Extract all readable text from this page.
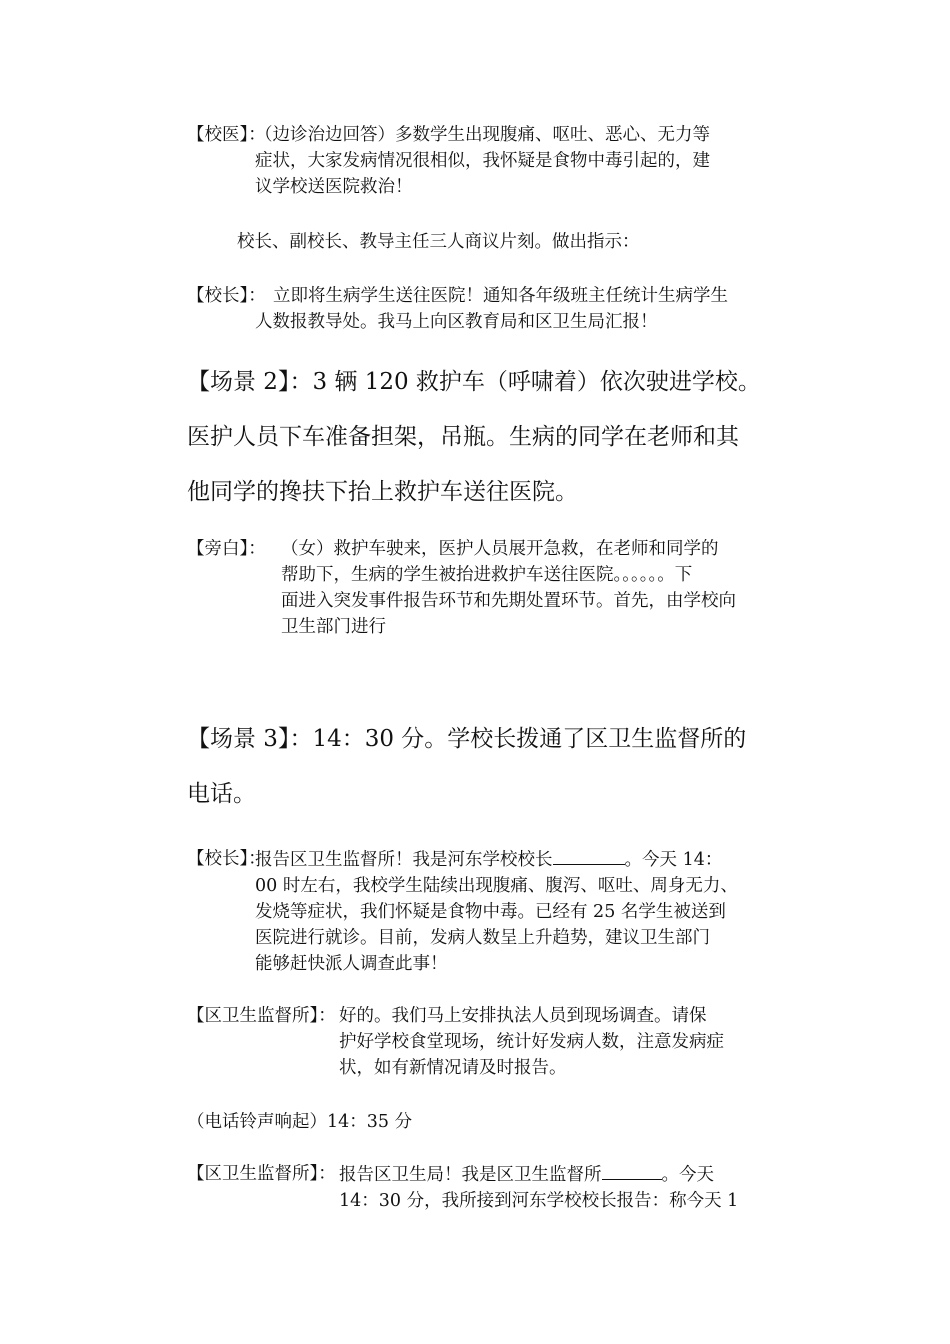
【校医】：
（边诊治边回答）多数学生出现腹痛、呕吐、恶心、无力等
症状，大家发病情况很相似，我怀疑是食物中毒引起的，建
议学校送医院救治！
校长、副校长、教导主任三人商议片刻。做出指示：
【校长】： 立即将生病学生送往医院！通知各年级班主任统计生病学生
人数报教导处。我马上向区教育局和区卫生局汇报！
【场景 2】：3 辆 120 救护车（呼啸着）依次驶进学校。
医护人员下车准备担架，吊瓶。生病的同学在老师和其
他同学的搀扶下抬上救护车送往医院。
【旁白】： （女）救护车驶来，医护人员展开急救，在老师和同学的
帮助下，生病的学生被抬进救护车送往医院。。。。。。下
面进入突发事件报告环节和先期处置环节。首先，由学校向
卫生部门进行
【场景 3】：14：30 分。学校长拨通了区卫生监督所的
电话。
【校长】：
报告区卫生监督所！我是河东学校校长	。今天 14：
00 时左右，我校学生陆续出现腹痛、腹泻、呕吐、周身无力、
发烧等症状，我们怀疑是食物中毒。已经有 25 名学生被送到
医院进行就诊。目前，发病人数呈上升趋势，建议卫生部门
能够赶快派人调查此事！
【区卫生监督所】： 好的。我们马上安排执法人员到现场调查。请保
护好学校食堂现场，统计好发病人数，注意发病症
状，如有新情况请及时报告。
（电话铃声响起）14：35 分
【区卫生监督所】： 报告区卫生局！我是区卫生监督所	。今天
14：30 分，我所接到河东学校校长报告：称今天 1
